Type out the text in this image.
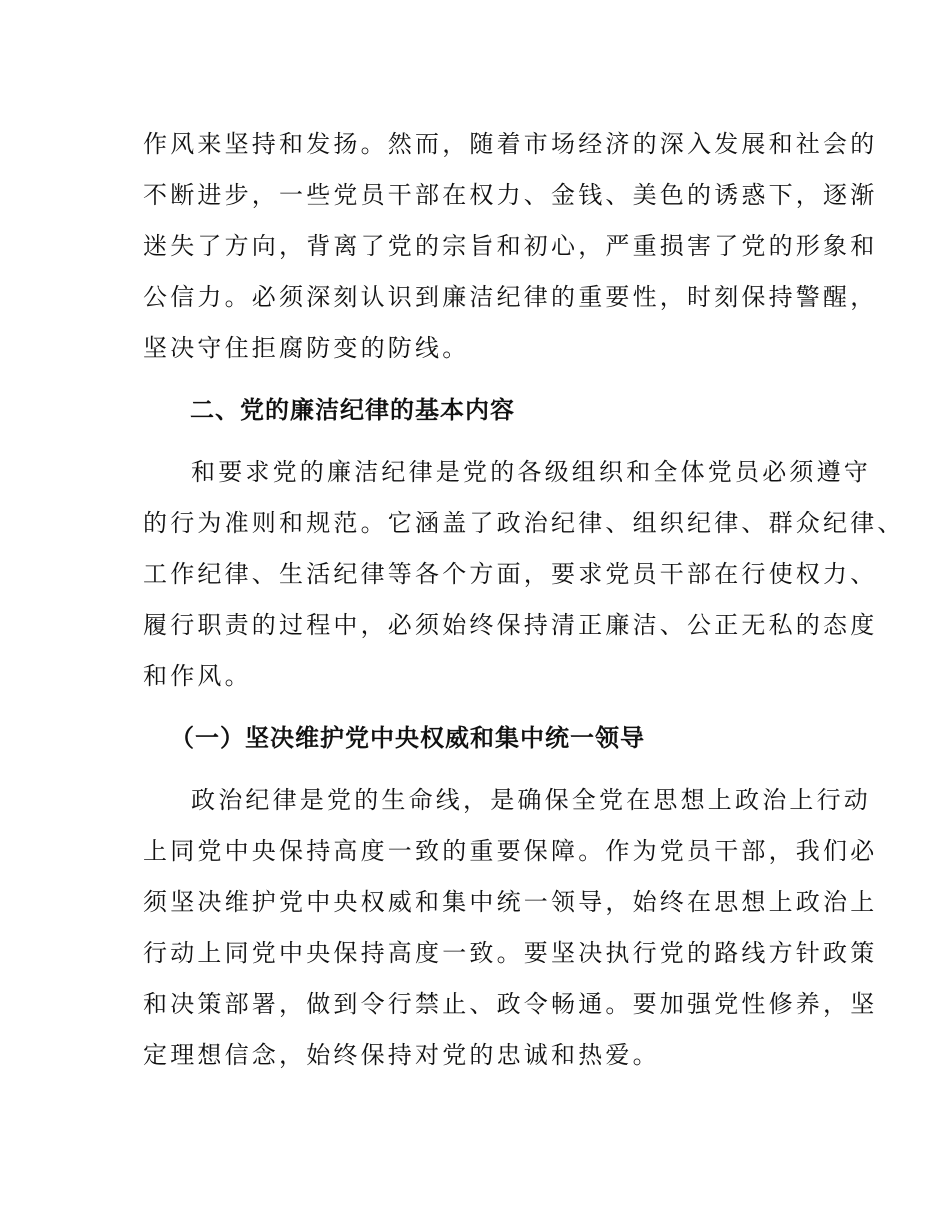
作风来坚持和发扬。然而，随着市场经济的深入发展和社会的
不断进步，一些党员干部在权力、金钱、美色的诱惑下，逐渐
迷失了方向，背离了党的宗旨和初心，严重损害了党的形象和
公信力。必须深刻认识到廉洁纪律的重要性，时刻保持警醒，
坚决守住拒腐防变的防线。
二、党的廉洁纪律的基本内容
和要求党的廉洁纪律是党的各级组织和全体党员必须遵守
的行为准则和规范。它涵盖了政治纪律、组织纪律、群众纪律、
工作纪律、生活纪律等各个方面，要求党员干部在行使权力、
履行职责的过程中，必须始终保持清正廉洁、公正无私的态度
和作风。
（一）坚决维护党中央权威和集中统一领导
政治纪律是党的生命线，是确保全党在思想上政治上行动
上同党中央保持高度一致的重要保障。作为党员干部，我们必
须坚决维护党中央权威和集中统一领导，始终在思想上政治上
行动上同党中央保持高度一致。要坚决执行党的路线方针政策
和决策部署，做到令行禁止、政令畅通。要加强党性修养，坚
定理想信念，始终保持对党的忠诚和热爱。
